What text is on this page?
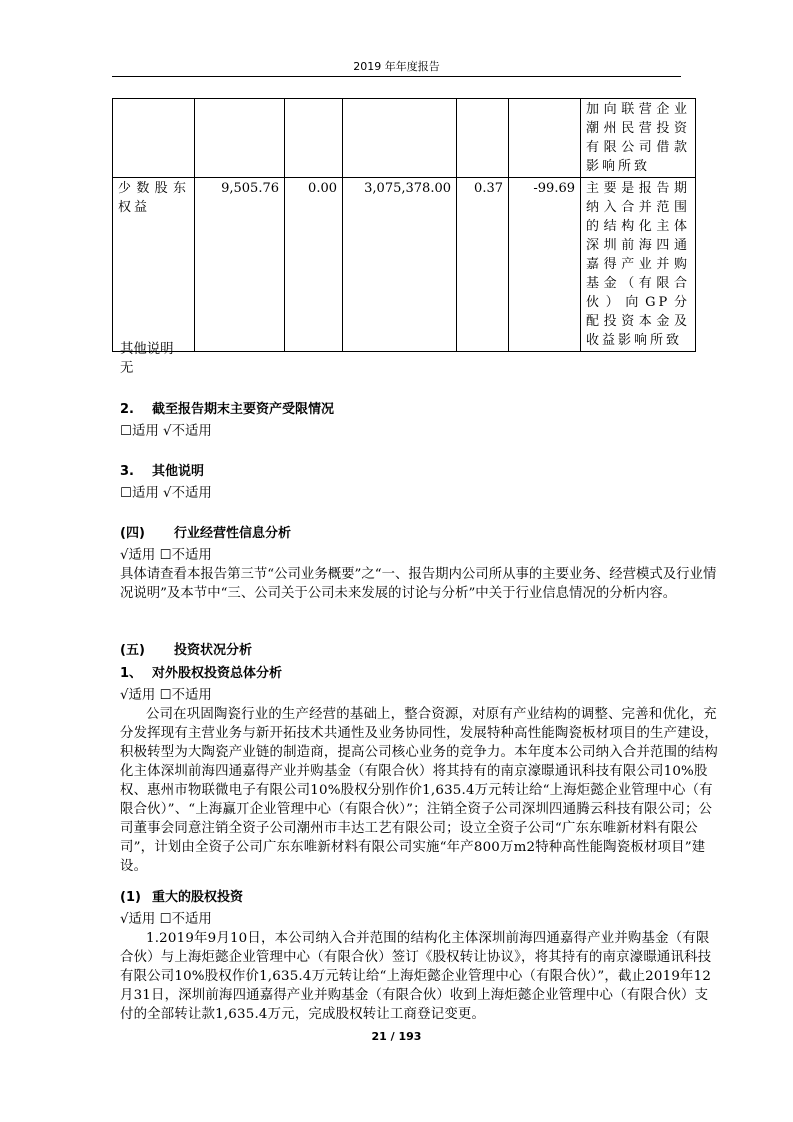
2019 年年度报告
						加向联营企业潮州民营投资有限公司借款影响所致
少数股东权益	9,505.76	0.00	3,075,378.00	0.37	-99.69	主要是报告期纳入合并范围的结构化主体深圳前海四通嘉得产业并购基金（有限合伙）向GP分配投资本金及收益影响所致
其他说明
无
2. 截至报告期末主要资产受限情况
☐适用 √不适用
3. 其他说明
☐适用 √不适用
(四) 行业经营性信息分析
√适用 ☐不适用
具体请查看本报告第三节“公司业务概要”之“一、报告期内公司所从事的主要业务、经营模式及行业情况说明”及本节中“三、公司关于公司未来发展的讨论与分析”中关于行业信息情况的分析内容。
(五) 投资状况分析
1、 对外股权投资总体分析
√适用 ☐不适用
公司在巩固陶瓷行业的生产经营的基础上，整合资源，对原有产业结构的调整、完善和优化，充分发挥现有主营业务与新开拓技术共通性及业务协同性，发展特种高性能陶瓷板材项目的生产建设，积极转型为大陶瓷产业链的制造商，提高公司核心业务的竞争力。本年度本公司纳入合并范围的结构化主体深圳前海四通嘉得产业并购基金（有限合伙）将其持有的南京濠暻通讯科技有限公司10%股权、惠州市物联微电子有限公司10%股权分别作价1,635.4万元转让给“上海炬懿企业管理中心（有限合伙）”、“上海赢丌企业管理中心（有限合伙）”；注销全资子公司深圳四通腾云科技有限公司；公司董事会同意注销全资子公司潮州市丰达工艺有限公司；设立全资子公司“广东东唯新材料有限公司”，计划由全资子公司广东东唯新材料有限公司实施“年产800万m2特种高性能陶瓷板材项目”建设。
(1) 重大的股权投资
√适用 ☐不适用
1.2019年9月10日，本公司纳入合并范围的结构化主体深圳前海四通嘉得产业并购基金（有限合伙）与上海炬懿企业管理中心（有限合伙）签订《股权转让协议》，将其持有的南京濠暻通讯科技有限公司10%股权作价1,635.4万元转让给“上海炬懿企业管理中心（有限合伙）”，截止2019年12月31日，深圳前海四通嘉得产业并购基金（有限合伙）收到上海炬懿企业管理中心（有限合伙）支付的全部转让款1,635.4万元，完成股权转让工商登记变更。
21 / 193
